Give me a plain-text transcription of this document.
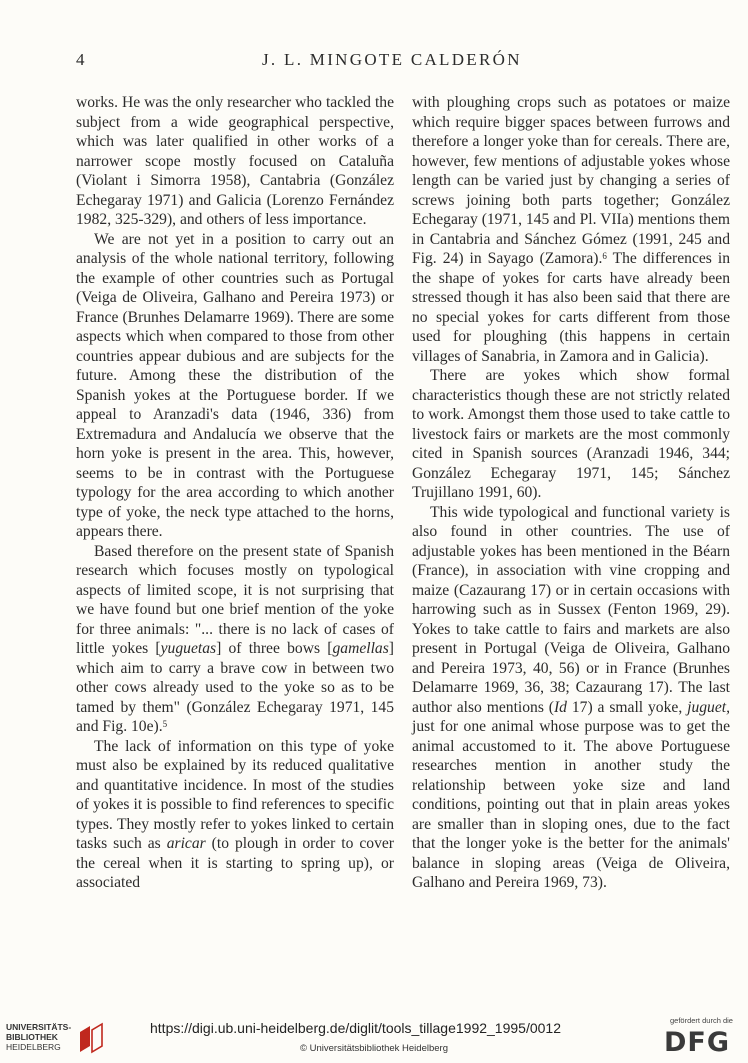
4	J. L. MINGOTE CALDERÓN

works. He was the only researcher who tackled the subject from a wide geographical perspective, which was later qualified in other works of a narrower scope mostly focused on Cataluña (Violant i Simorra 1958), Cantabria (González Echegaray 1971) and Galicia (Lorenzo Fernández 1982, 325-329), and others of less importance.

We are not yet in a position to carry out an analysis of the whole national territory, following the example of other countries such as Portugal (Veiga de Oliveira, Galhano and Pereira 1973) or France (Brunhes Delamarre 1969). There are some aspects which when compared to those from other countries appear dubious and are subjects for the future. Among these the distribution of the Spanish yokes at the Portuguese border. If we appeal to Aranzadi's data (1946, 336) from Extremadura and Andalucía we observe that the horn yoke is present in the area. This, however, seems to be in contrast with the Portuguese typology for the area according to which another type of yoke, the neck type attached to the horns, appears there.

Based therefore on the present state of Spanish research which focuses mostly on typological aspects of limited scope, it is not surprising that we have found but one brief mention of the yoke for three animals: "... there is no lack of cases of little yokes [yuguetas] of three bows [gamellas] which aim to carry a brave cow in between two other cows already used to the yoke so as to be tamed by them" (González Echegaray 1971, 145 and Fig. 10e).$^5$

The lack of information on this type of yoke must also be explained by its reduced qualitative and quantitative incidence. In most of the studies of yokes it is possible to find references to specific types. They mostly refer to yokes linked to certain tasks such as aricar (to plough in order to cover the cereal when it is starting to spring up), or associated

with ploughing crops such as potatoes or maize which require bigger spaces between furrows and therefore a longer yoke than for cereals. There are, however, few mentions of adjustable yokes whose length can be varied just by changing a series of screws joining both parts together; González Echegaray (1971, 145 and Pl. VIIa) mentions them in Cantabria and Sánchez Gómez (1991, 245 and Fig. 24) in Sayago (Zamora).$^6$ The differences in the shape of yokes for carts have already been stressed though it has also been said that there are no special yokes for carts different from those used for ploughing (this happens in certain villages of Sanabria, in Zamora and in Galicia).

There are yokes which show formal characteristics though these are not strictly related to work. Amongst them those used to take cattle to livestock fairs or markets are the most commonly cited in Spanish sources (Aranzadi 1946, 344; González Echegaray 1971, 145; Sánchez Trujillano 1991, 60).

This wide typological and functional variety is also found in other countries. The use of adjustable yokes has been mentioned in the Béarn (France), in association with vine cropping and maize (Cazaurang 17) or in certain occasions with harrowing such as in Sussex (Fenton 1969, 29). Yokes to take cattle to fairs and markets are also present in Portugal (Veiga de Oliveira, Galhano and Pereira 1973, 40, 56) or in France (Brunhes Delamarre 1969, 36, 38; Cazaurang 17). The last author also mentions (Id 17) a small yoke, juguet, just for one animal whose purpose was to get the animal accustomed to it. The above Portuguese researches mention in another study the relationship between yoke size and land conditions, pointing out that in plain areas yokes are smaller than in sloping ones, due to the fact that the longer yoke is the better for the animals' balance in sloping areas (Veiga de Oliveira, Galhano and Pereira 1969, 73).

UNIVERSITÄTS-
BIBLIOTHEK
HEIDELBERG
https://digi.ub.uni-heidelberg.de/diglit/tools_tillage1992_1995/0012
© Universitätsbibliothek Heidelberg
gefördert durch die
DFG
